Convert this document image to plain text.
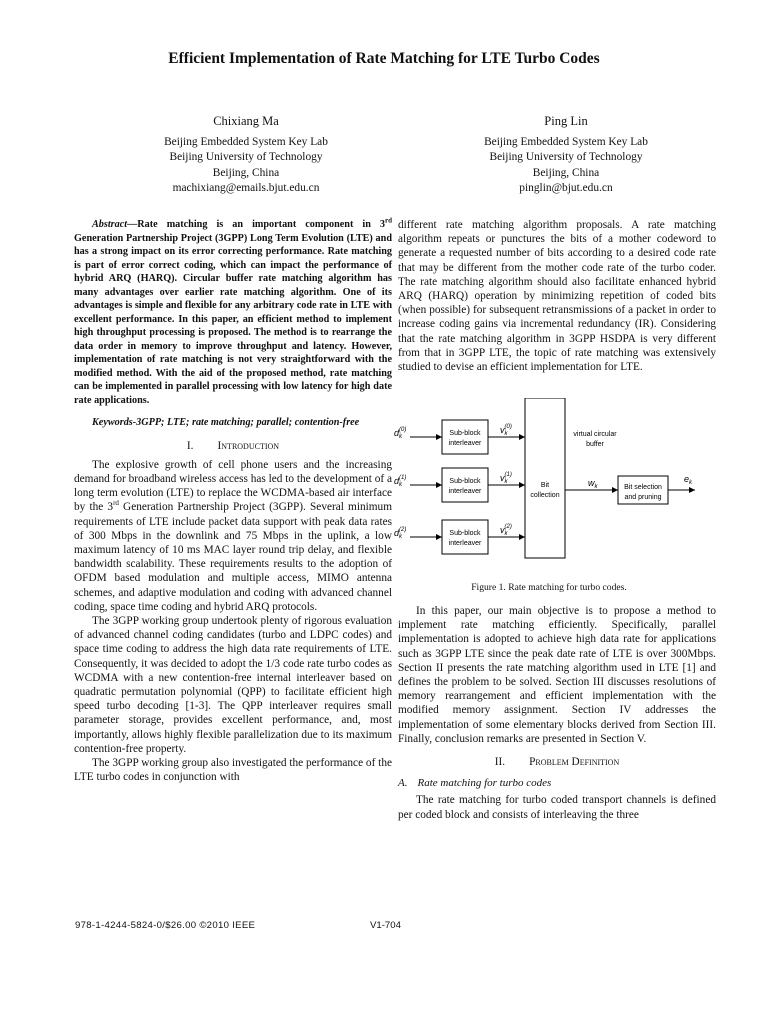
Efficient Implementation of Rate Matching for LTE Turbo Codes
Chixiang Ma
Beijing Embedded System Key Lab
Beijing University of Technology
Beijing, China
machixiang@emails.bjut.edu.cn
Ping Lin
Beijing Embedded System Key Lab
Beijing University of Technology
Beijing, China
pinglin@bjut.edu.cn

Abstract—Rate matching is an important component in 3rd Generation Partnership Project (3GPP) Long Term Evolution (LTE) and has a strong impact on its error correcting performance. Rate matching is part of error correct coding, which can impact the performance of hybrid ARQ (HARQ). Circular buffer rate matching algorithm has many advantages over earlier rate matching algorithm. One of its advantages is simple and flexible for any arbitrary code rate in LTE with excellent performance. In this paper, an efficient method to implement high throughput processing is proposed. The method is to rearrange the data order in memory to improve throughput and latency. However, implementation of rate matching is not very straightforward with the modified method. With the aid of the proposed method, rate matching can be implemented in parallel processing with low latency for high date rate applications.

Keywords-3GPP; LTE; rate matching; parallel; contention-free

I. Introduction

The explosive growth of cell phone users and the increasing demand for broadband wireless access has led to the development of a long term evolution (LTE) to replace the WCDMA-based air interface by the 3rd Generation Partnership Project (3GPP). Several minimum requirements of LTE include packet data support with peak data rates of 300 Mbps in the downlink and 75 Mbps in the uplink, a low maximum latency of 10 ms MAC layer round trip delay, and flexible bandwidth scalability. These requirements results to the adoption of OFDM based modulation and multiple access, MIMO antenna schemes, and adaptive modulation and coding with advanced channel coding, space time coding and hybrid ARQ protocols.

The 3GPP working group undertook plenty of rigorous evaluation of advanced channel coding candidates (turbo and LDPC codes) and space time coding to address the high data rate requirements of LTE. Consequently, it was decided to adopt the 1/3 code rate turbo codes as WCDMA with a new contention-free internal interleaver based on quadratic permutation polynomial (QPP) to facilitate efficient high speed turbo decoding [1-3]. The QPP interleaver requires small parameter storage, provides excellent performance, and, most importantly, allows highly flexible parallelization due to its maximum contention-free property.

The 3GPP working group also investigated the performance of the LTE turbo codes in conjunction with

different rate matching algorithm proposals. A rate matching algorithm repeats or punctures the bits of a mother codeword to generate a requested number of bits according to a desired code rate that may be different from the mother code rate of the turbo coder. The rate matching algorithm should also facilitate enhanced hybrid ARQ (HARQ) operation by minimizing repetition of coded bits (when possible) for subsequent retransmissions of a packet in order to increase coding gains via incremental redundancy (IR). Considering that the rate matching algorithm in 3GPP HSDPA is very different from that in 3GPP LTE, the topic of rate matching was extensively studied to devise an efficient implementation for LTE.

Sub-block
interleaver
Sub-block
interleaver
Sub-block
interleaver
Bit
collection
virtual circular
buffer
Bit selection
and pruning
$d_k(0)$
$d_k(1)$
$d_k(2)$
$v_k(0)$
$v_k(1)$
$v_k(2)$
$w_k$
$e_k$
Figure 1. Rate matching for turbo codes.

In this paper, our main objective is to propose a method to implement rate matching efficiently. Specifically, parallel implementation is adopted to achieve high data rate for applications such as 3GPP LTE since the peak date rate of LTE is over 300Mbps. Section II presents the rate matching algorithm used in LTE [1] and defines the problem to be solved. Section III discusses resolutions of memory rearrangement and efficient implementation with the modified memory assignment. Section IV addresses the implementation of some elementary blocks derived from Section III. Finally, conclusion remarks are presented in Section V.

II. Problem Definition

A. Rate matching for turbo codes

The rate matching for turbo coded transport channels is defined per coded block and consists of interleaving the three

978-1-4244-5824-0/$26.00 ©2010 IEEE	V1-704
